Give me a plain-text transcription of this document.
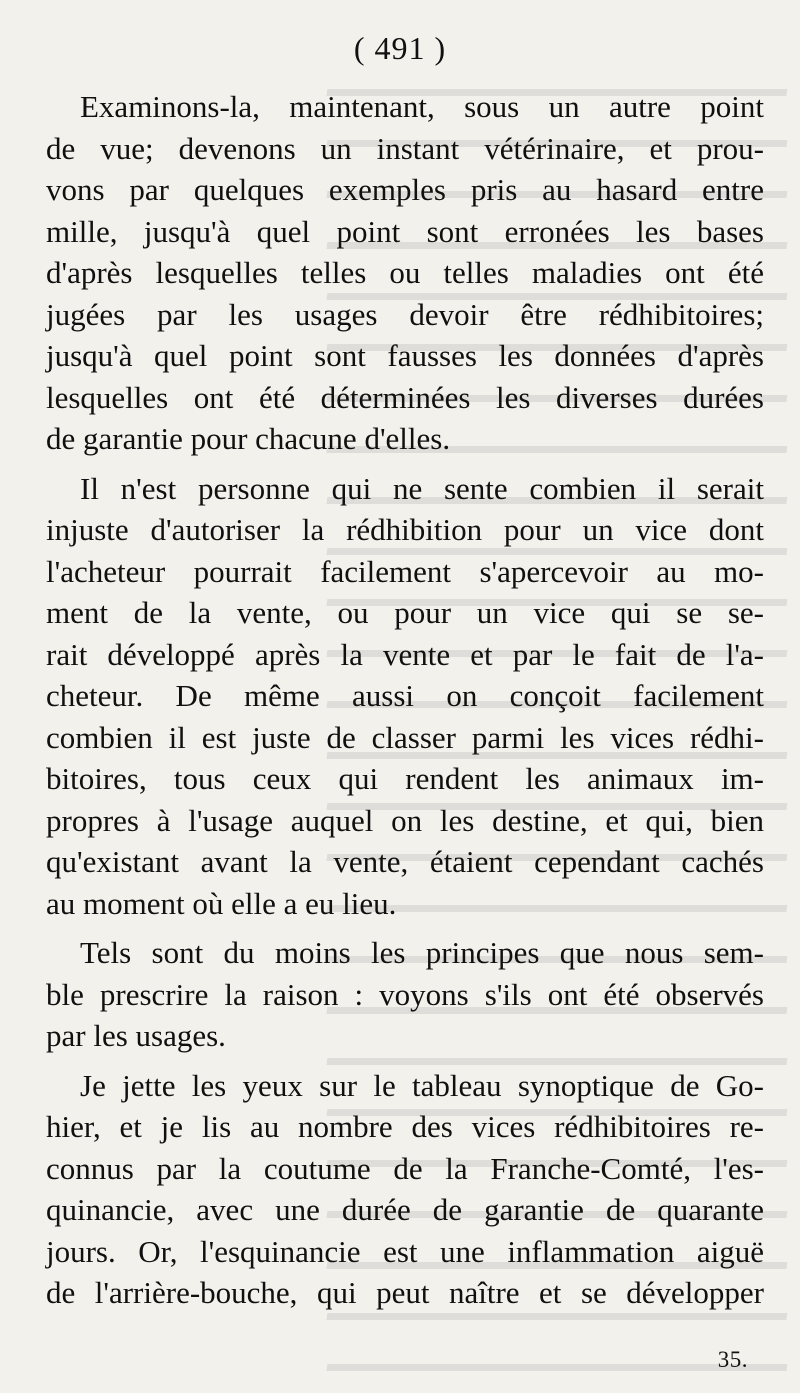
( 491 )

Examinons-la, maintenant, sous un autre point
de vue; devenons un instant vétérinaire, et prou-
vons par quelques exemples pris au hasard entre
mille, jusqu'à quel point sont erronées les bases
d'après lesquelles telles ou telles maladies ont été
jugées par les usages devoir être rédhibitoires;
jusqu'à quel point sont fausses les données d'après
lesquelles ont été déterminées les diverses durées
de garantie pour chacune d'elles.

Il n'est personne qui ne sente combien il serait
injuste d'autoriser la rédhibition pour un vice dont
l'acheteur pourrait facilement s'apercevoir au mo-
ment de la vente, ou pour un vice qui se se-
rait développé après la vente et par le fait de l'a-
cheteur. De même aussi on conçoit facilement
combien il est juste de classer parmi les vices rédhi-
bitoires, tous ceux qui rendent les animaux im-
propres à l'usage auquel on les destine, et qui, bien
qu'existant avant la vente, étaient cependant cachés
au moment où elle a eu lieu.

Tels sont du moins les principes que nous sem-
ble prescrire la raison : voyons s'ils ont été observés
par les usages.

Je jette les yeux sur le tableau synoptique de Go-
hier, et je lis au nombre des vices rédhibitoires re-
connus par la coutume de la Franche-Comté, l'es-
quinancie, avec une durée de garantie de quarante
jours. Or, l'esquinancie est une inflammation aiguë
de l'arrière-bouche, qui peut naître et se développer

35.
